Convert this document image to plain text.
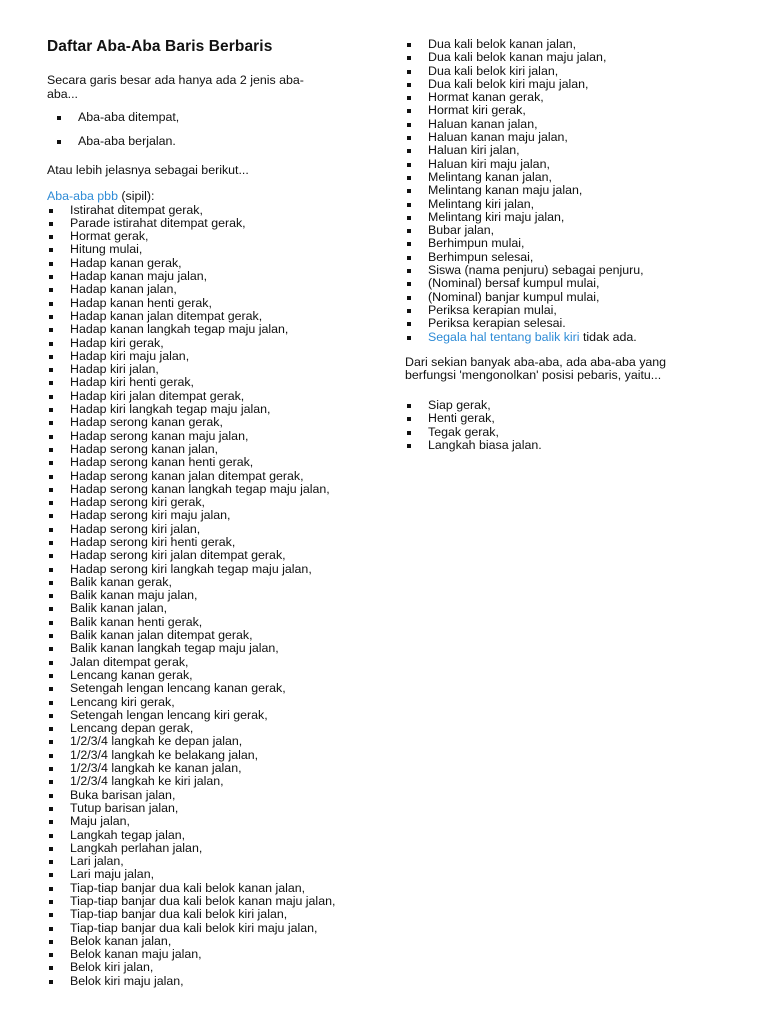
Daftar Aba-Aba Baris Berbaris

Secara garis besar ada hanya ada 2 jenis aba-aba...

Aba-aba ditempat,
Aba-aba berjalan.

Atau lebih jelasnya sebagai berikut...

Aba-aba pbb (sipil):

Istirahat ditempat gerak,
Parade istirahat ditempat gerak,
Hormat gerak,
Hitung mulai,
Hadap kanan gerak,
Hadap kanan maju jalan,
Hadap kanan jalan,
Hadap kanan henti gerak,
Hadap kanan jalan ditempat gerak,
Hadap kanan langkah tegap maju jalan,
Hadap kiri gerak,
Hadap kiri maju jalan,
Hadap kiri jalan,
Hadap kiri henti gerak,
Hadap kiri jalan ditempat gerak,
Hadap kiri langkah tegap maju jalan,
Hadap serong kanan gerak,
Hadap serong kanan maju jalan,
Hadap serong kanan jalan,
Hadap serong kanan henti gerak,
Hadap serong kanan jalan ditempat gerak,
Hadap serong kanan langkah tegap maju jalan,
Hadap serong kiri gerak,
Hadap serong kiri maju jalan,
Hadap serong kiri jalan,
Hadap serong kiri henti gerak,
Hadap serong kiri jalan ditempat gerak,
Hadap serong kiri langkah tegap maju jalan,
Balik kanan gerak,
Balik kanan maju jalan,
Balik kanan jalan,
Balik kanan henti gerak,
Balik kanan jalan ditempat gerak,
Balik kanan langkah tegap maju jalan,
Jalan ditempat gerak,
Lencang kanan gerak,
Setengah lengan lencang kanan gerak,
Lencang kiri gerak,
Setengah lengan lencang kiri gerak,
Lencang depan gerak,
1/2/3/4 langkah ke depan jalan,
1/2/3/4 langkah ke belakang jalan,
1/2/3/4 langkah ke kanan jalan,
1/2/3/4 langkah ke kiri jalan,
Buka barisan jalan,
Tutup barisan jalan,
Maju jalan,
Langkah tegap jalan,
Langkah perlahan jalan,
Lari jalan,
Lari maju jalan,
Tiap-tiap banjar dua kali belok kanan jalan,
Tiap-tiap banjar dua kali belok kanan maju jalan,
Tiap-tiap banjar dua kali belok kiri jalan,
Tiap-tiap banjar dua kali belok kiri maju jalan,
Belok kanan jalan,
Belok kanan maju jalan,
Belok kiri jalan,
Belok kiri maju jalan,
Dua kali belok kanan jalan,
Dua kali belok kanan maju jalan,
Dua kali belok kiri jalan,
Dua kali belok kiri maju jalan,
Hormat kanan gerak,
Hormat kiri gerak,
Haluan kanan jalan,
Haluan kanan maju jalan,
Haluan kiri jalan,
Haluan kiri maju jalan,
Melintang kanan jalan,
Melintang kanan maju jalan,
Melintang kiri jalan,
Melintang kiri maju jalan,
Bubar jalan,
Berhimpun mulai,
Berhimpun selesai,
Siswa (nama penjuru) sebagai penjuru,
(Nominal) bersaf kumpul mulai,
(Nominal) banjar kumpul mulai,
Periksa kerapian mulai,
Periksa kerapian selesai.
Segala hal tentang balik kiri tidak ada.

Dari sekian banyak aba-aba, ada aba-aba yang berfungsi 'mengonolkan' posisi pebaris, yaitu...

Siap gerak,
Henti gerak,
Tegak gerak,
Langkah biasa jalan.
